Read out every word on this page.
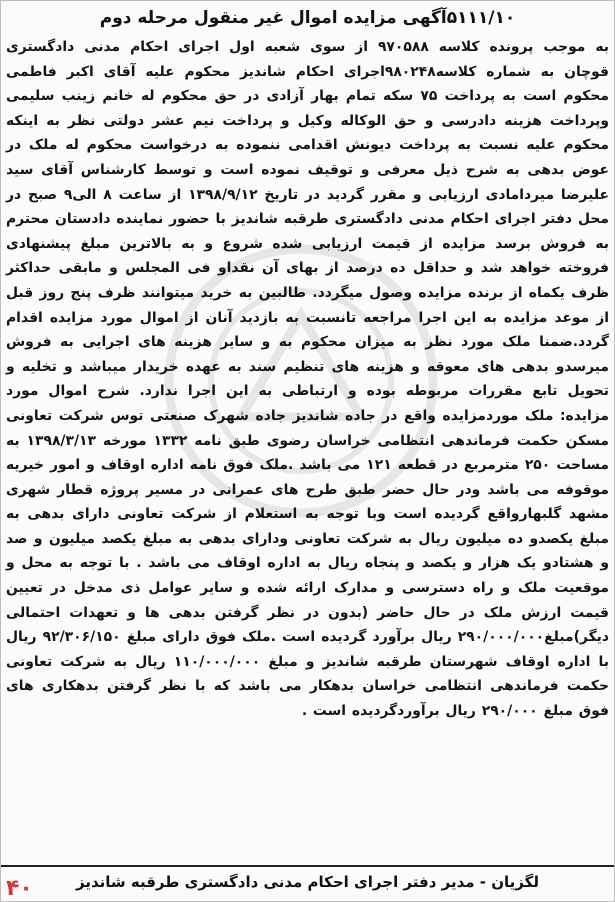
۵۱۱۱/۱۰آگهی مزایده اموال غیر منقول مرحله دوم
به موجب پرونده کلاسه ۹۷۰۵۸۸ از سوی شعبه اول اجرای احکام مدنی دادگستری قوچان به شماره کلاسه۹۸۰۲۴۸اجرای احکام شاندیز محکوم علیه آقای اکبر فاطمی محکوم است به پرداخت ۷۵ سکه تمام بهار آزادی در حق محکوم له خانم زینب سلیمی وپرداخت هزینه دادرسی و حق الوکاله وکیل و پرداخت نیم عشر دولتی نظر به اینکه محکوم علیه نسبت به پرداخت دیونش اقدامی ننموده به درخواست محکوم له ملک در عوض بدهی به شرح ذیل معرفی و توقیف نموده است و توسط کارشناس آقای سید علیرضا میردامادی ارزیابی و مقرر گردید در تاریخ ۱۳۹۸/۹/۱۲ از ساعت ۸ الی۹ صبح در محل دفتر اجرای احکام مدنی دادگستری طرقبه شاندیز با حضور نماینده دادستان محترم به فروش برسد مزایده از قیمت ارزیابی شده شروع و به بالاترین مبلغ پیشنهادی فروخته خواهد شد و حداقل ده درصد از بهای آن نقداو فی المجلس و مابقی حداکثر ظرف یکماه از برنده مزایده وصول میگردد. طالبین به خرید میتوانند ظرف پنج روز قبل از موعد مزایده به این اجرا مراجعه تانسبت به بازدید آنان از اموال مورد مزایده اقدام گردد.ضمنا ملک مورد نظر به میزان محکوم به و سایر هزینه های اجرایی به فروش میرسدو بدهی های معوقه و هزینه های تنظیم سند به عهده خریدار میباشد و تخلیه و تحویل تابع مقررات مربوطه بوده و ارتباطی به این اجرا ندارد. شرح اموال مورد مزایده: ملک موردمزایده واقع در جاده شاندیز جاده شهرک صنعتی توس شرکت تعاونی مسکن حکمت فرماندهی انتظامی خراسان رضوی طبق نامه ۱۳۳۲ مورخه ۱۳۹۸/۳/۱۳ به مساحت ۲۵۰ مترمربع در قطعه ۱۲۱ می باشد .ملک فوق نامه اداره اوقاف و امور خیریه موقوفه می باشد ودر حال حضر طبق طرح های عمرانی در مسیر پروژه قطار شهری مشهد گلبهارواقع گردیده است وبا توجه به استعلام از شرکت تعاونی دارای بدهی به مبلغ یکصدو ده میلیون ریال به شرکت تعاونی ودارای بدهی به مبلغ یکصد میلیون و صد و هشتادو یک هزار و یکصد و پنجاه ریال به اداره اوقاف می باشد . با توجه به محل و موقعیت ملک و راه دسترسی و مدارک ارائه شده و سایر عوامل ذی مدخل در تعیین قیمت ارزش ملک در حال حاضر (بدون در نظر گرفتن بدهی ها و تعهدات احتمالی دیگر)مبلغ۲۹۰/۰۰۰/۰۰۰ ریال برآورد گردیده است .ملک فوق دارای مبلغ ۹۲/۳۰۶/۱۵۰ ریال با اداره اوقاف شهرستان طرقبه شاندیز و مبلغ ۱۱۰/۰۰۰/۰۰۰ ریال به شرکت تعاونی حکمت فرماندهی انتظامی خراسان بدهکار می باشد که با نظر گرفتن بدهکاری های فوق مبلغ ۲۹۰/۰۰۰ ریال برآوردگردیده است .
لگزیان - مدیر دفتر اجرای احکام مدنی دادگستری طرقبه شاندیز
۴۰
